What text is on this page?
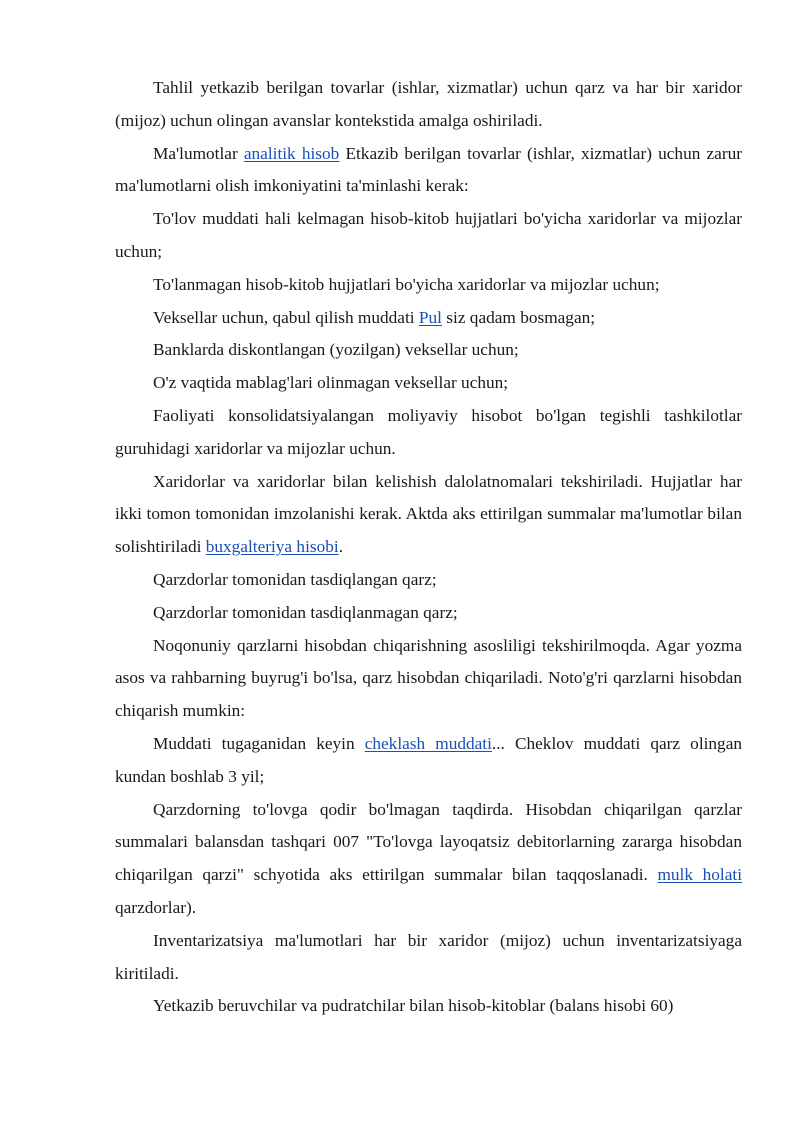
Tahlil yetkazib berilgan tovarlar (ishlar, xizmatlar) uchun qarz va har bir xaridor (mijoz) uchun olingan avanslar kontekstida amalga oshiriladi.

Ma'lumotlar analitik hisob Etkazib berilgan tovarlar (ishlar, xizmatlar) uchun zarur ma'lumotlarni olish imkoniyatini ta'minlashi kerak:

To'lov muddati hali kelmagan hisob-kitob hujjatlari bo'yicha xaridorlar va mijozlar uchun;

To'lanmagan hisob-kitob hujjatlari bo'yicha xaridorlar va mijozlar uchun;

Veksellar uchun, qabul qilish muddati Pul siz qadam bosmagan;

Banklarda diskontlangan (yozilgan) veksellar uchun;

O'z vaqtida mablag'lari olinmagan veksellar uchun;

Faoliyati konsolidatsiyalangan moliyaviy hisobot bo'lgan tegishli tashkilotlar guruhidagi xaridorlar va mijozlar uchun.

Xaridorlar va xaridorlar bilan kelishish dalolatnomalari tekshiriladi. Hujjatlar har ikki tomon tomonidan imzolanishi kerak. Aktda aks ettirilgan summalar ma'lumotlar bilan solishtiriladi buxgalteriya hisobi.

Qarzdorlar tomonidan tasdiqlangan qarz;

Qarzdorlar tomonidan tasdiqlanmagan qarz;

Noqonuniy qarzlarni hisobdan chiqarishning asosliligi tekshirilmoqda. Agar yozma asos va rahbarning buyrug'i bo'lsa, qarz hisobdan chiqariladi. Noto'g'ri qarzlarni hisobdan chiqarish mumkin:

Muddati tugaganidan keyin cheklash muddati... Cheklov muddati qarz olingan kundan boshlab 3 yil;

Qarzdorning to'lovga qodir bo'lmagan taqdirda. Hisobdan chiqarilgan qarzlar summalari balansdan tashqari 007 "To'lovga layoqatsiz debitorlarning zararga hisobdan chiqarilgan qarzi" schyotida aks ettirilgan summalar bilan taqqoslanadi. mulk holati qarzdorlar).

Inventarizatsiya ma'lumotlari har bir xaridor (mijoz) uchun inventarizatsiyaga kiritiladi.

Yetkazib beruvchilar va pudratchilar bilan hisob-kitoblar (balans hisobi 60)
